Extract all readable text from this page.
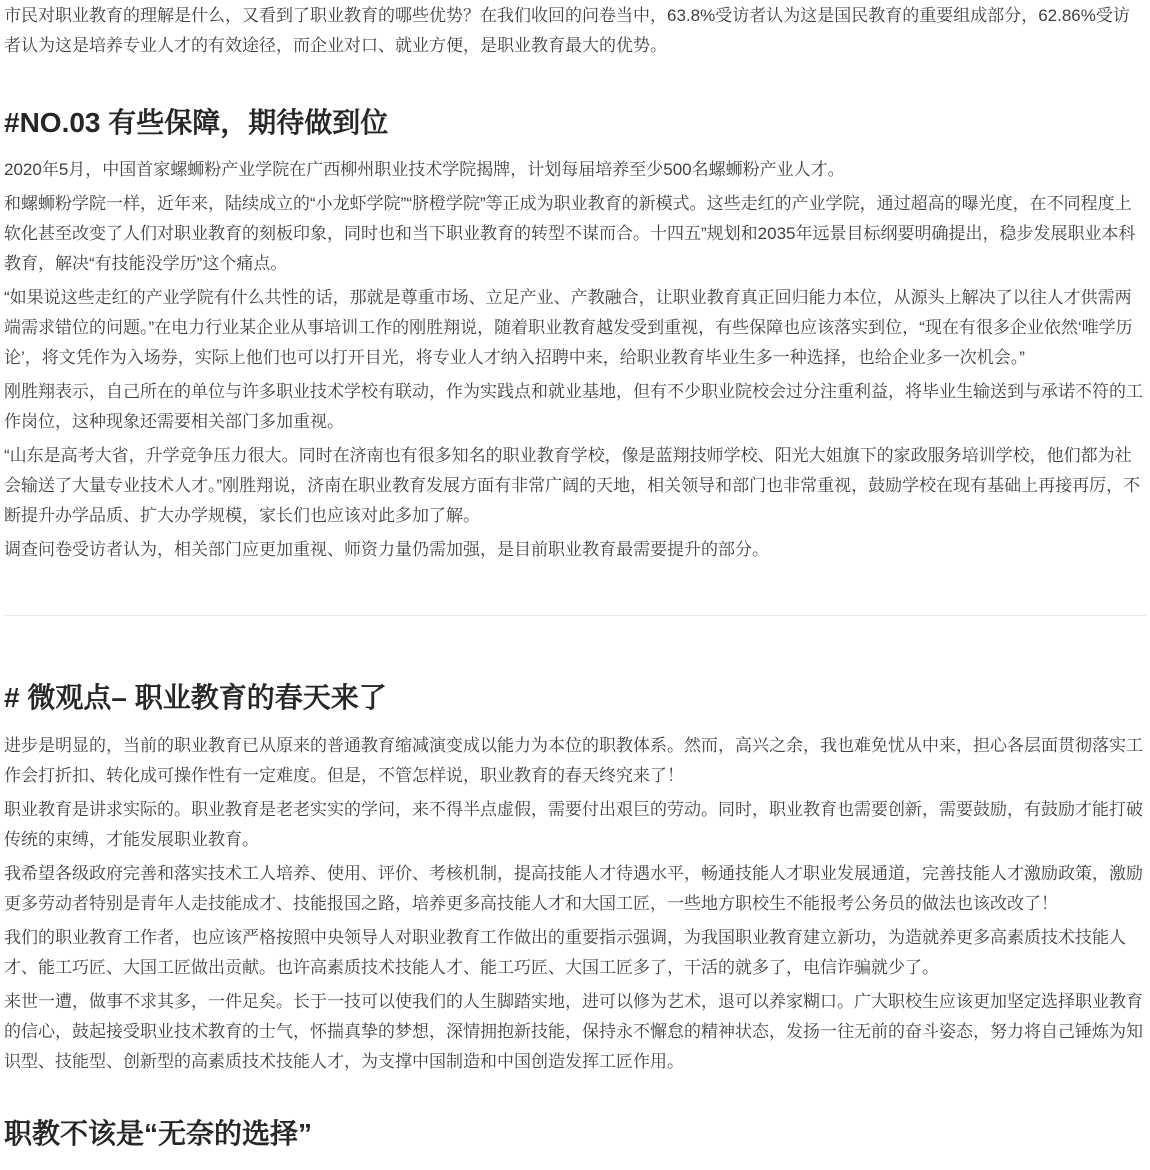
市民对职业教育的理解是什么，又看到了职业教育的哪些优势？在我们收回的问卷当中，63.8%受访者认为这是国民教育的重要组成部分，62.86%受访者认为这是培养专业人才的有效途径，而企业对口、就业方便，是职业教育最大的优势。

#NO.03 有些保障，期待做到位

2020年5月，中国首家螺蛳粉产业学院在广西柳州职业技术学院揭牌，计划每届培养至少500名螺蛳粉产业人才。

和螺蛳粉学院一样，近年来，陆续成立的“小龙虾学院”“脐橙学院”等正成为职业教育的新模式。这些走红的产业学院，通过超高的曝光度，在不同程度上软化甚至改变了人们对职业教育的刻板印象，同时也和当下职业教育的转型不谋而合。十四五”规划和2035年远景目标纲要明确提出，稳步发展职业本科教育，解决“有技能没学历”这个痛点。

“如果说这些走红的产业学院有什么共性的话，那就是尊重市场、立足产业、产教融合，让职业教育真正回归能力本位，从源头上解决了以往人才供需两端需求错位的问题。”在电力行业某企业从事培训工作的刚胜翔说，随着职业教育越发受到重视，有些保障也应该落实到位，“现在有很多企业依然‘唯学历论’，将文凭作为入场券，实际上他们也可以打开目光，将专业人才纳入招聘中来，给职业教育毕业生多一种选择，也给企业多一次机会。”

刚胜翔表示，自己所在的单位与许多职业技术学校有联动，作为实践点和就业基地，但有不少职业院校会过分注重利益，将毕业生输送到与承诺不符的工作岗位，这种现象还需要相关部门多加重视。

“山东是高考大省，升学竞争压力很大。同时在济南也有很多知名的职业教育学校，像是蓝翔技师学校、阳光大姐旗下的家政服务培训学校，他们都为社会输送了大量专业技术人才。”刚胜翔说，济南在职业教育发展方面有非常广阔的天地，相关领导和部门也非常重视，鼓励学校在现有基础上再接再厉，不断提升办学品质、扩大办学规模，家长们也应该对此多加了解。

调查问卷受访者认为，相关部门应更加重视、师资力量仍需加强，是目前职业教育最需要提升的部分。

# 微观点– 职业教育的春天来了

进步是明显的，当前的职业教育已从原来的普通教育缩减演变成以能力为本位的职教体系。然而，高兴之余，我也难免忧从中来，担心各层面贯彻落实工作会打折扣、转化成可操作性有一定难度。但是，不管怎样说，职业教育的春天终究来了！

职业教育是讲求实际的。职业教育是老老实实的学问，来不得半点虚假，需要付出艰巨的劳动。同时，职业教育也需要创新，需要鼓励，有鼓励才能打破传统的束缚，才能发展职业教育。

我希望各级政府完善和落实技术工人培养、使用、评价、考核机制，提高技能人才待遇水平，畅通技能人才职业发展通道，完善技能人才激励政策，激励更多劳动者特别是青年人走技能成才、技能报国之路，培养更多高技能人才和大国工匠，一些地方职校生不能报考公务员的做法也该改改了！

我们的职业教育工作者，也应该严格按照中央领导人对职业教育工作做出的重要指示强调，为我国职业教育建立新功，为造就养更多高素质技术技能人才、能工巧匠、大国工匠做出贡献。也许高素质技术技能人才、能工巧匠、大国工匠多了，干活的就多了，电信诈骗就少了。

来世一遭，做事不求其多，一件足矣。长于一技可以使我们的人生脚踏实地，进可以修为艺术，退可以养家糊口。广大职校生应该更加坚定选择职业教育的信心，鼓起接受职业技术教育的士气，怀揣真挚的梦想，深情拥抱新技能，保持永不懈怠的精神状态，发扬一往无前的奋斗姿态，努力将自己锤炼为知识型、技能型、创新型的高素质技术技能人才，为支撑中国制造和中国创造发挥工匠作用。

职教不该是“无奈的选择”
